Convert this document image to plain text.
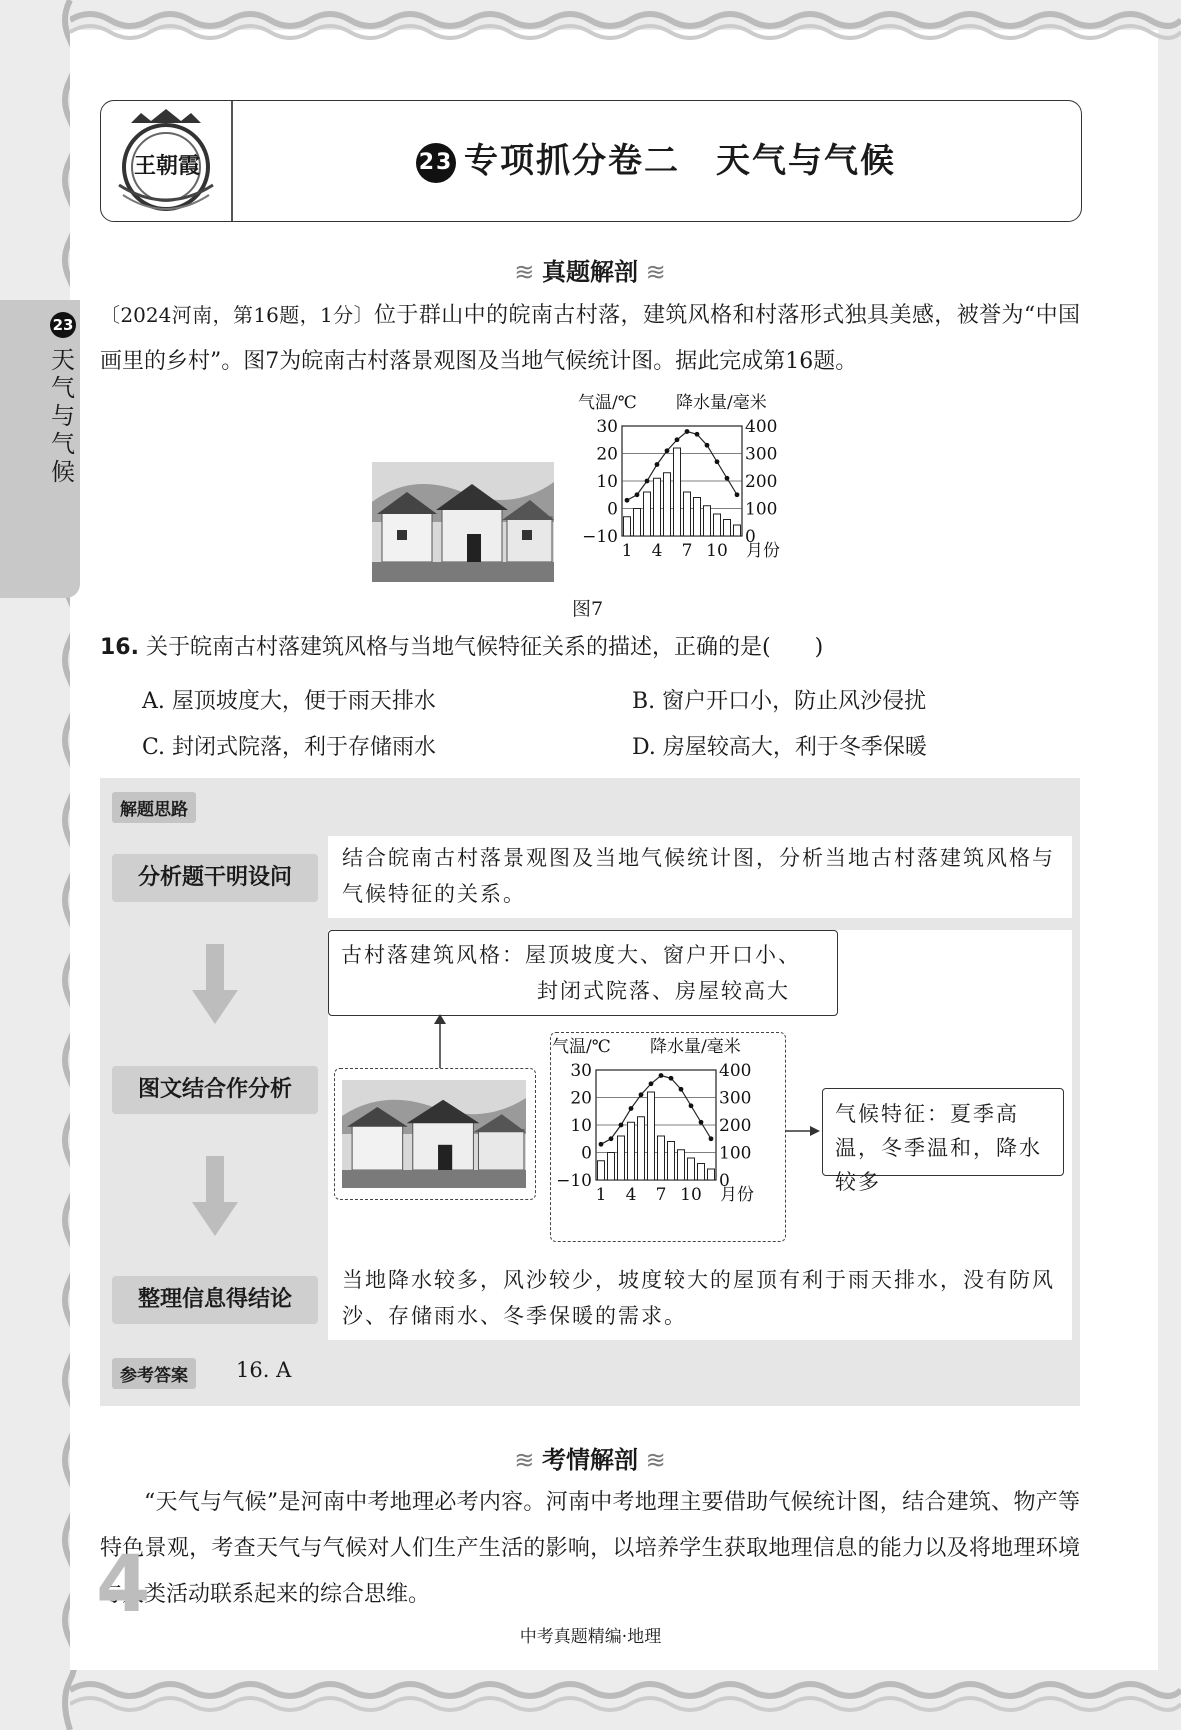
23
天气与气候
王朝霞	23 专项抓分卷二　天气与气候
≋ 真题解剖 ≋
〔2024河南，第16题，1分〕位于群山中的皖南古村落，建筑风格和村落形式独具美感，被誉为“中国画里的乡村”。图7为皖南古村落景观图及当地气候统计图。据此完成第16题。
气温/℃ 降水量/毫米
30
20
10
0
−10
400
300
200
100
0
1 4 7 10 月份
图7
16. 关于皖南古村落建筑风格与当地气候特征关系的描述，正确的是(　　)
A. 屋顶坡度大，便于雨天排水	B. 窗户开口小，防止风沙侵扰
C. 封闭式院落，利于存储雨水	D. 房屋较高大，利于冬季保暖
解题思路
分析题干明设问
结合皖南古村落景观图及当地气候统计图，分析当地古村落建筑风格与气候特征的关系。
图文结合作分析
古村落建筑风格：屋顶坡度大、窗户开口小、
封闭式院落、房屋较高大
气温/℃ 降水量/毫米
30
20
10
0
−10
400
300
200
100
0
1 4 7 10 月份
气候特征：夏季高温，冬季温和，降水较多
整理信息得结论
当地降水较多，风沙较少，坡度较大的屋顶有利于雨天排水，没有防风沙、存储雨水、冬季保暖的需求。
参考答案	16. A
≋ 考情解剖 ≋
“天气与气候”是河南中考地理必考内容。河南中考地理主要借助气候统计图，结合建筑、物产等特色景观，考查天气与气候对人们生产生活的影响，以培养学生获取地理信息的能力以及将地理环境与人类活动联系起来的综合思维。
4
中考真题精编·地理
